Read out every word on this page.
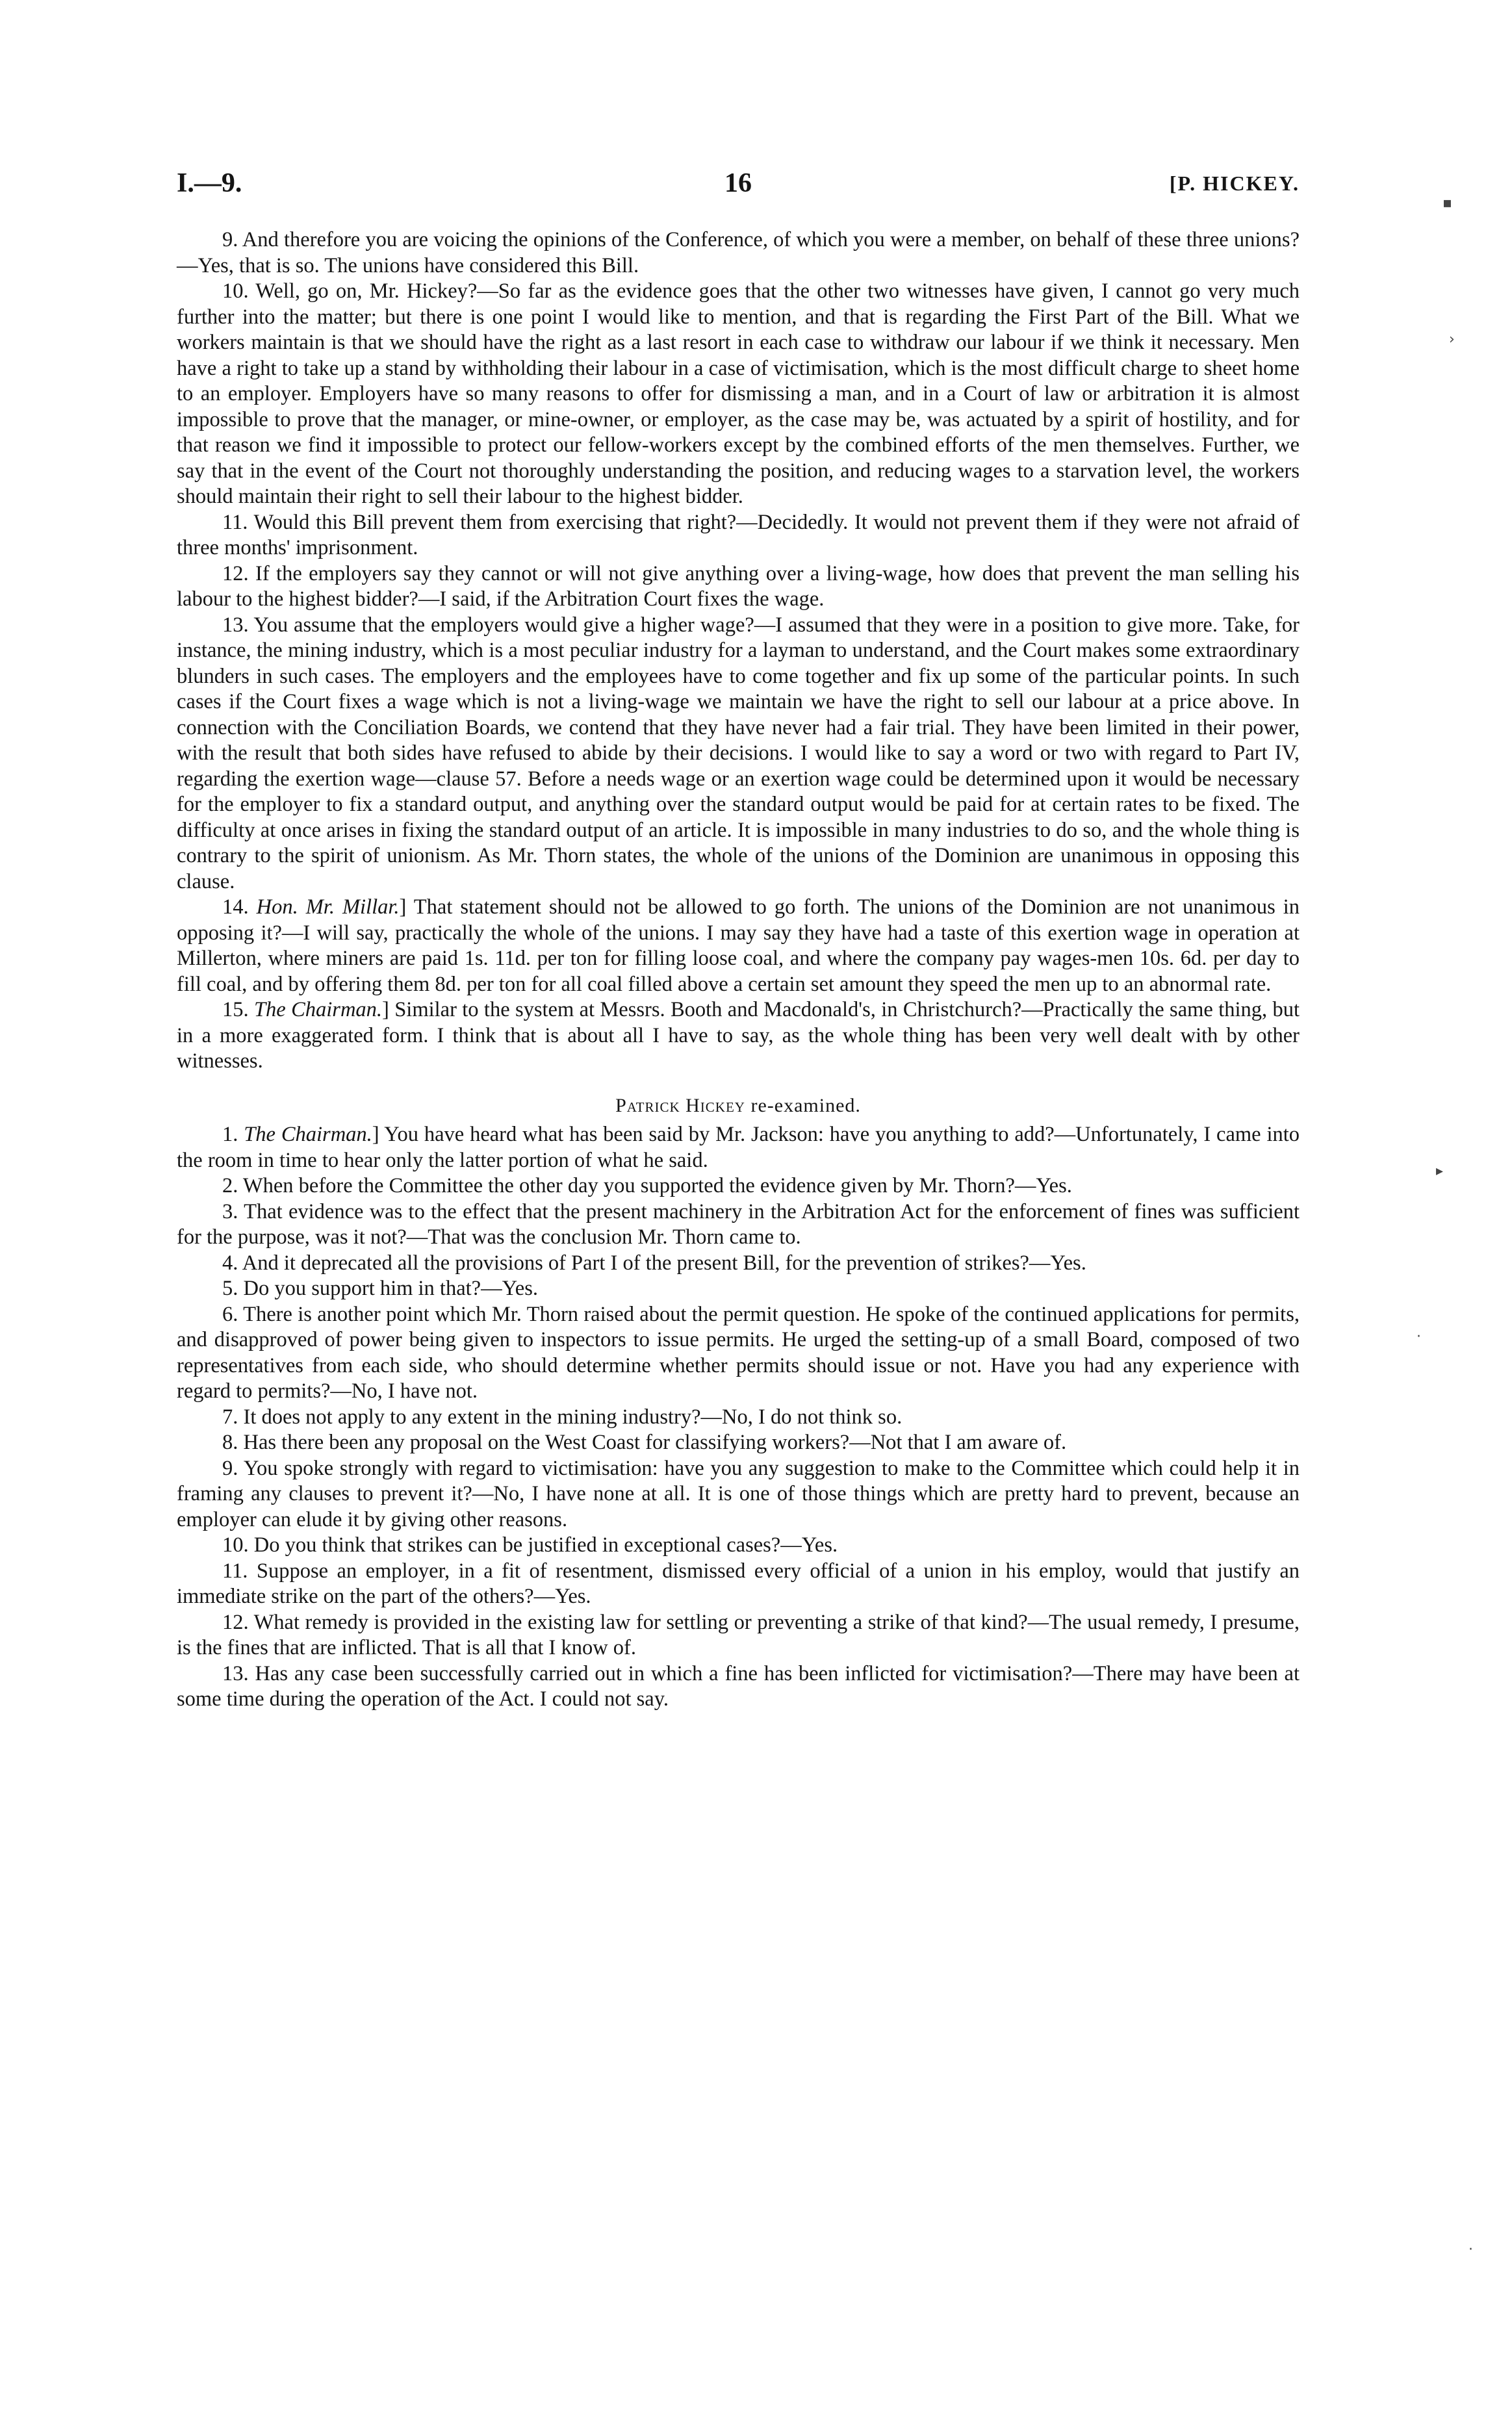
I.—9.	16	[P. HICKEY.

9. And therefore you are voicing the opinions of the Conference, of which you were a member, on behalf of these three unions?—Yes, that is so. The unions have considered this Bill.

10. Well, go on, Mr. Hickey?—So far as the evidence goes that the other two witnesses have given, I cannot go very much further into the matter; but there is one point I would like to mention, and that is regarding the First Part of the Bill. What we workers maintain is that we should have the right as a last resort in each case to withdraw our labour if we think it necessary. Men have a right to take up a stand by withholding their labour in a case of victimisation, which is the most difficult charge to sheet home to an employer. Employers have so many reasons to offer for dismissing a man, and in a Court of law or arbitration it is almost impossible to prove that the manager, or mine-owner, or employer, as the case may be, was actuated by a spirit of hostility, and for that reason we find it impossible to protect our fellow-workers except by the combined efforts of the men themselves. Further, we say that in the event of the Court not thoroughly understanding the position, and reducing wages to a starvation level, the workers should maintain their right to sell their labour to the highest bidder.

11. Would this Bill prevent them from exercising that right?—Decidedly. It would not prevent them if they were not afraid of three months' imprisonment.

12. If the employers say they cannot or will not give anything over a living-wage, how does that prevent the man selling his labour to the highest bidder?—I said, if the Arbitration Court fixes the wage.

13. You assume that the employers would give a higher wage?—I assumed that they were in a position to give more. Take, for instance, the mining industry, which is a most peculiar industry for a layman to understand, and the Court makes some extraordinary blunders in such cases. The employers and the employees have to come together and fix up some of the particular points. In such cases if the Court fixes a wage which is not a living-wage we maintain we have the right to sell our labour at a price above. In connection with the Conciliation Boards, we contend that they have never had a fair trial. They have been limited in their power, with the result that both sides have refused to abide by their decisions. I would like to say a word or two with regard to Part IV, regarding the exertion wage—clause 57. Before a needs wage or an exertion wage could be determined upon it would be necessary for the employer to fix a standard output, and anything over the standard output would be paid for at certain rates to be fixed. The difficulty at once arises in fixing the standard output of an article. It is impossible in many industries to do so, and the whole thing is contrary to the spirit of unionism. As Mr. Thorn states, the whole of the unions of the Dominion are unanimous in opposing this clause.

14. Hon. Mr. Millar.] That statement should not be allowed to go forth. The unions of the Dominion are not unanimous in opposing it?—I will say, practically the whole of the unions. I may say they have had a taste of this exertion wage in operation at Millerton, where miners are paid 1s. 11d. per ton for filling loose coal, and where the company pay wages-men 10s. 6d. per day to fill coal, and by offering them 8d. per ton for all coal filled above a certain set amount they speed the men up to an abnormal rate.

15. The Chairman.] Similar to the system at Messrs. Booth and Macdonald's, in Christchurch?—Practically the same thing, but in a more exaggerated form. I think that is about all I have to say, as the whole thing has been very well dealt with by other witnesses.

Patrick Hickey re-examined.

1. The Chairman.] You have heard what has been said by Mr. Jackson: have you anything to add?—Unfortunately, I came into the room in time to hear only the latter portion of what he said.

2. When before the Committee the other day you supported the evidence given by Mr. Thorn?—Yes.

3. That evidence was to the effect that the present machinery in the Arbitration Act for the enforcement of fines was sufficient for the purpose, was it not?—That was the conclusion Mr. Thorn came to.

4. And it deprecated all the provisions of Part I of the present Bill, for the prevention of strikes?—Yes.

5. Do you support him in that?—Yes.

6. There is another point which Mr. Thorn raised about the permit question. He spoke of the continued applications for permits, and disapproved of power being given to inspectors to issue permits. He urged the setting-up of a small Board, composed of two representatives from each side, who should determine whether permits should issue or not. Have you had any experience with regard to permits?—No, I have not.

7. It does not apply to any extent in the mining industry?—No, I do not think so.

8. Has there been any proposal on the West Coast for classifying workers?—Not that I am aware of.

9. You spoke strongly with regard to victimisation: have you any suggestion to make to the Committee which could help it in framing any clauses to prevent it?—No, I have none at all. It is one of those things which are pretty hard to prevent, because an employer can elude it by giving other reasons.

10. Do you think that strikes can be justified in exceptional cases?—Yes.

11. Suppose an employer, in a fit of resentment, dismissed every official of a union in his employ, would that justify an immediate strike on the part of the others?—Yes.

12. What remedy is provided in the existing law for settling or preventing a strike of that kind?—The usual remedy, I presume, is the fines that are inflicted. That is all that I know of.

13. Has any case been successfully carried out in which a fine has been inflicted for victimisation?—There may have been at some time during the operation of the Act. I could not say.

▪
›
▸
·
·
